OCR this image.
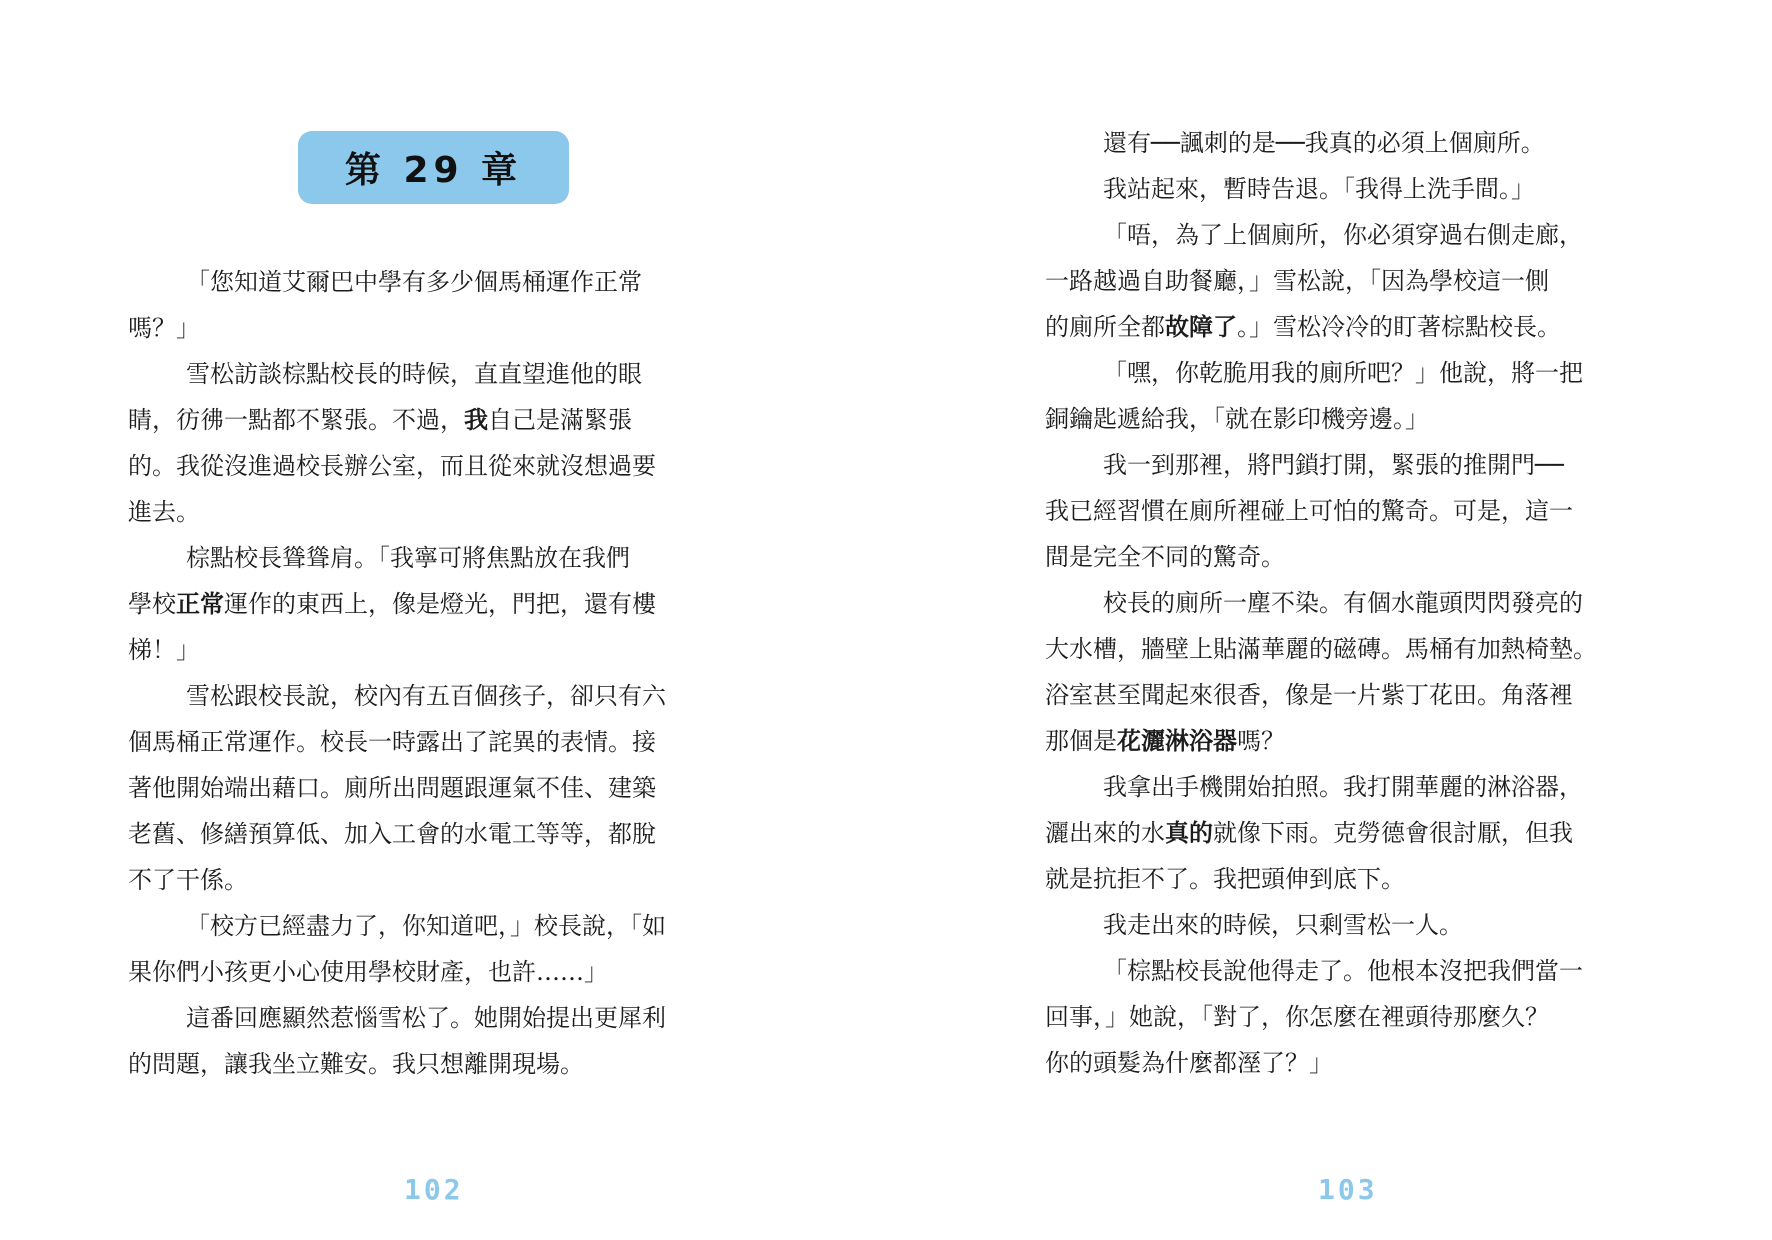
第 29 章
「您知道艾爾巴中學有多少個馬桶運作正常
嗎？」
雪松訪談棕點校長的時候，直直望進他的眼
睛，彷彿一點都不緊張。不過，我自己是滿緊張
的。我從沒進過校長辦公室，而且從來就沒想過要
進去。
棕點校長聳聳肩。「我寧可將焦點放在我們
學校正常運作的東西上，像是燈光，門把，還有樓
梯！」
雪松跟校長說，校內有五百個孩子，卻只有六
個馬桶正常運作。校長一時露出了詫異的表情。接
著他開始端出藉口。廁所出問題跟運氣不佳、建築
老舊、修繕預算低、加入工會的水電工等等，都脫
不了干係。
「校方已經盡力了，你知道吧，」校長說，「如
果你們小孩更小心使用學校財產，也許……」
這番回應顯然惹惱雪松了。她開始提出更犀利
的問題，讓我坐立難安。我只想離開現場。
102
還有──諷刺的是──我真的必須上個廁所。
我站起來，暫時告退。「我得上洗手間。」
「唔，為了上個廁所，你必須穿過右側走廊，
一路越過自助餐廳，」雪松說，「因為學校這一側
的廁所全都故障了。」雪松冷冷的盯著棕點校長。
「嘿，你乾脆用我的廁所吧？」他說，將一把
銅鑰匙遞給我，「就在影印機旁邊。」
我一到那裡，將門鎖打開，緊張的推開門──
我已經習慣在廁所裡碰上可怕的驚奇。可是，這一
間是完全不同的驚奇。
校長的廁所一塵不染。有個水龍頭閃閃發亮的
大水槽，牆壁上貼滿華麗的磁磚。馬桶有加熱椅墊。
浴室甚至聞起來很香，像是一片紫丁花田。角落裡
那個是花灑淋浴器嗎？
我拿出手機開始拍照。我打開華麗的淋浴器，
灑出來的水真的就像下雨。克勞德會很討厭，但我
就是抗拒不了。我把頭伸到底下。
我走出來的時候，只剩雪松一人。
「棕點校長說他得走了。他根本沒把我們當一
回事，」她說，「對了，你怎麼在裡頭待那麼久？
你的頭髮為什麼都溼了？」
103
